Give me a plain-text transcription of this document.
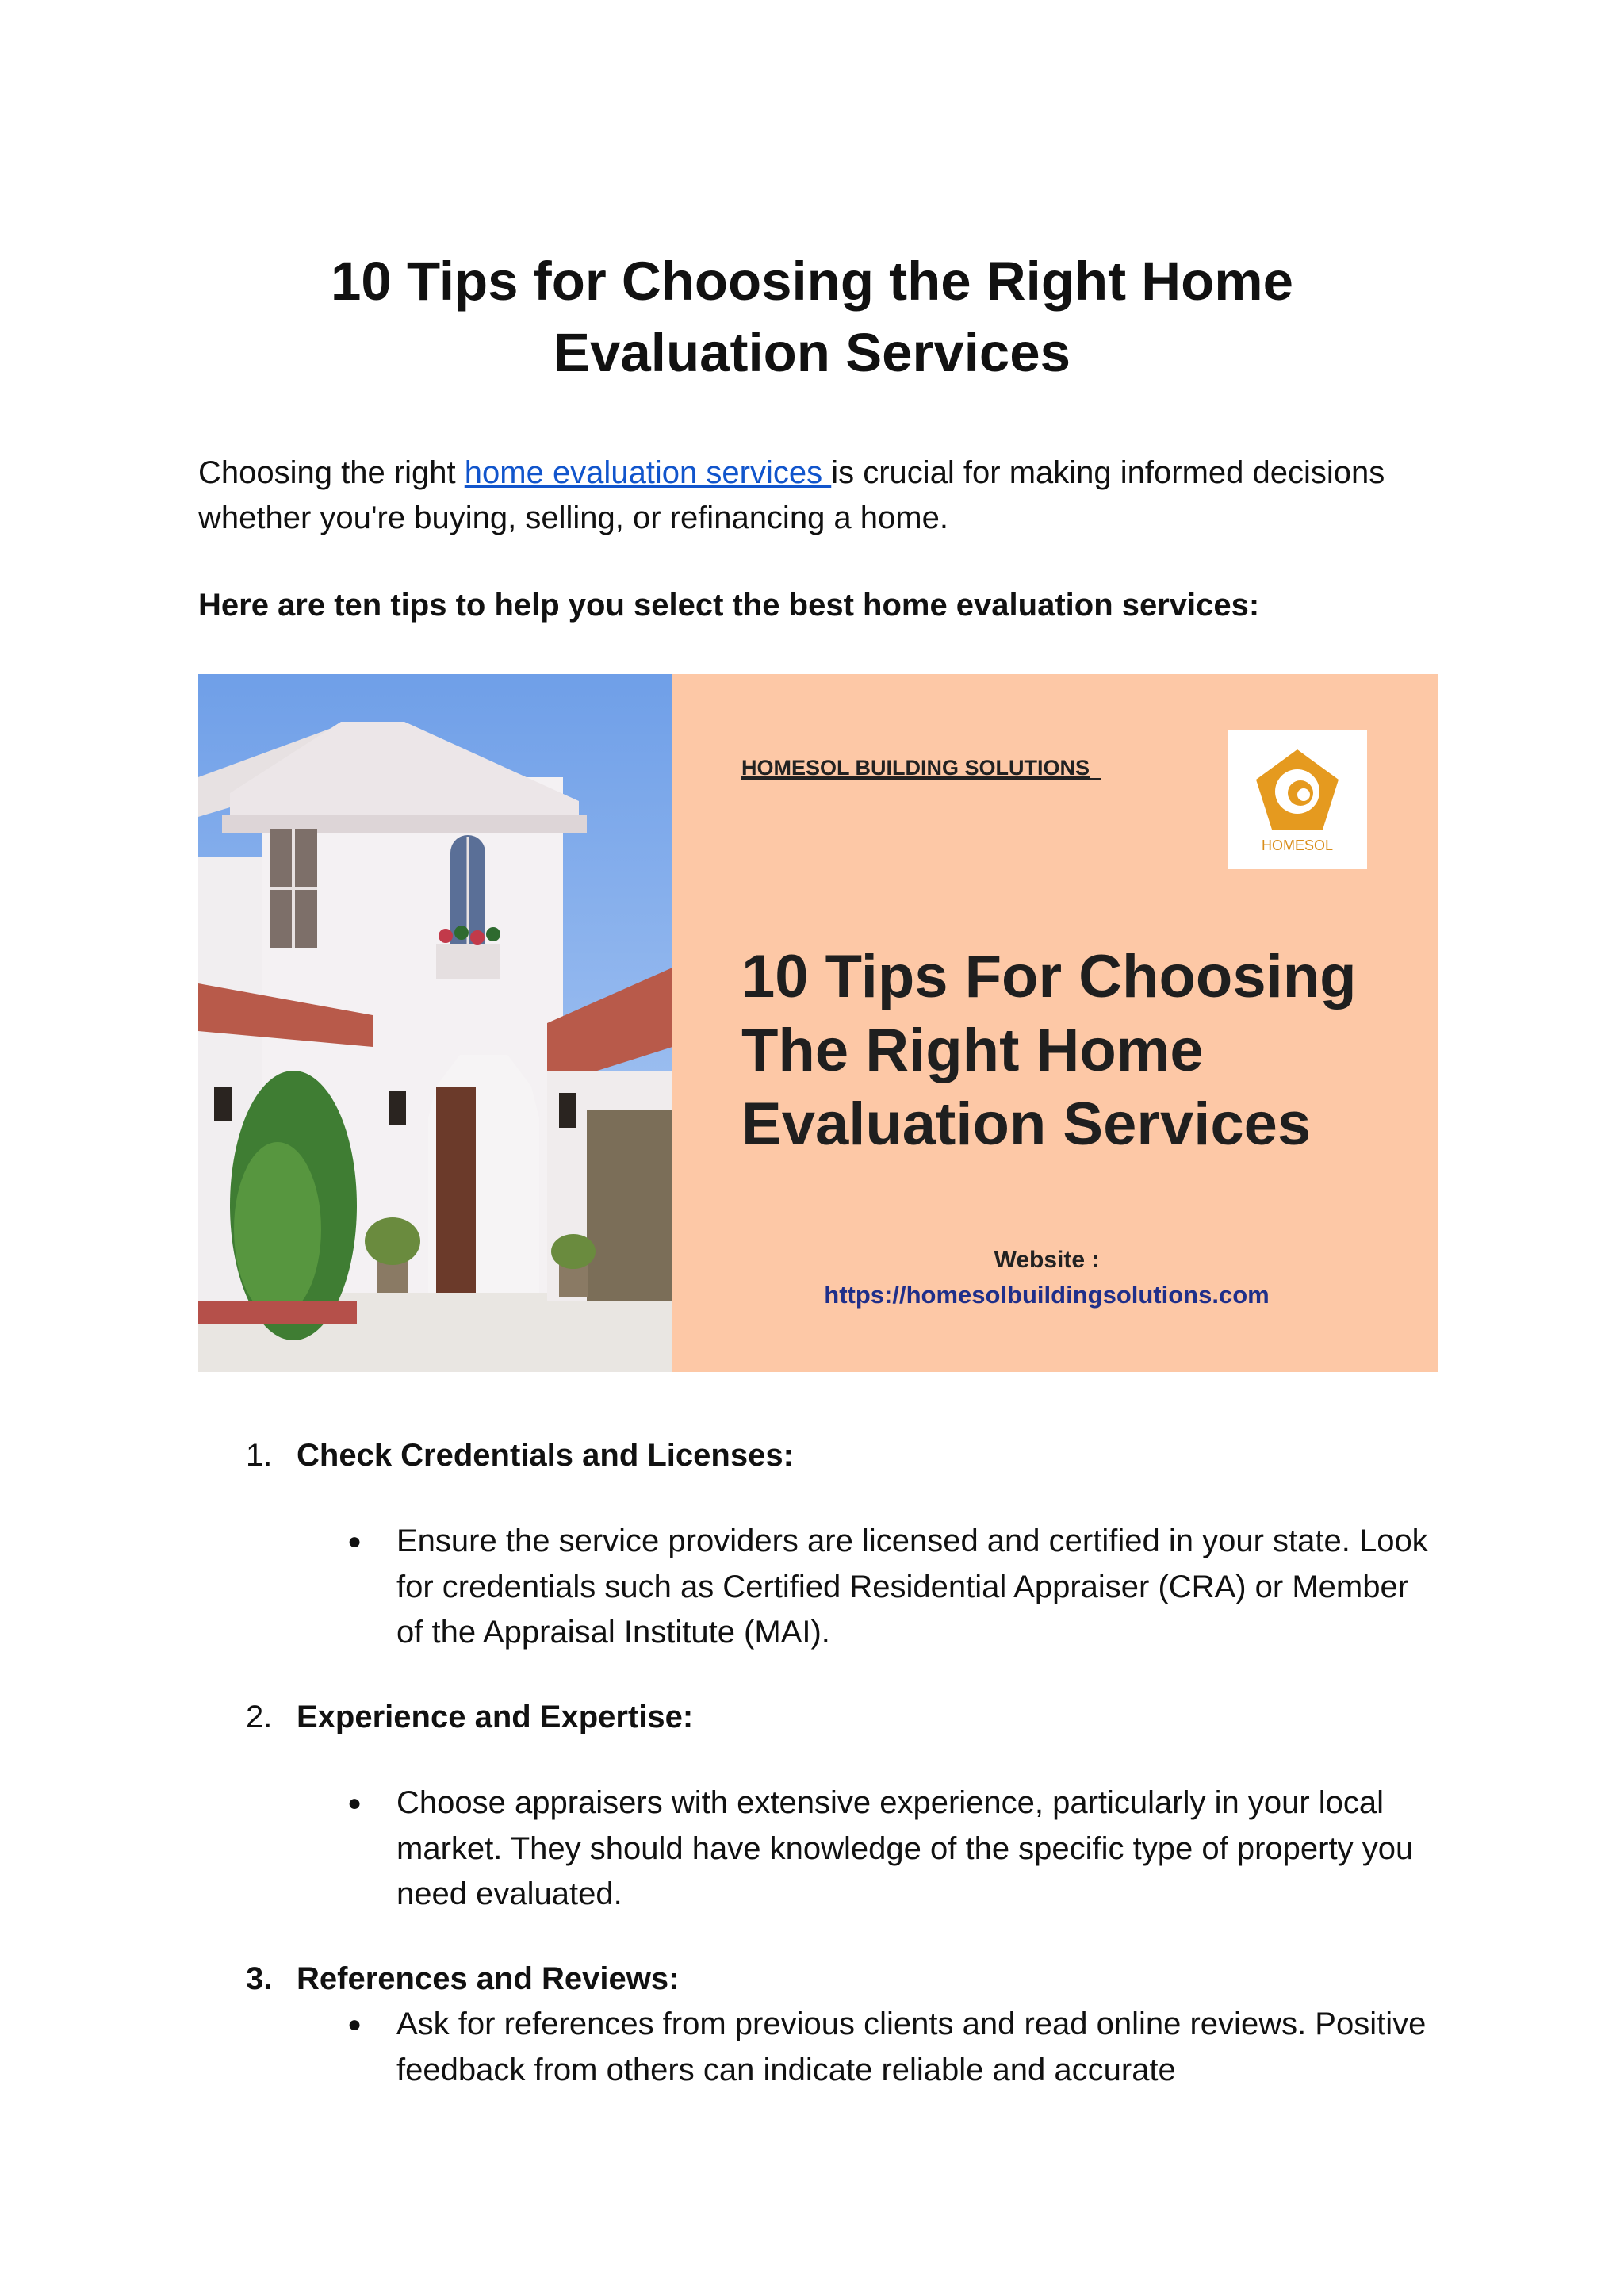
10 Tips for Choosing the Right Home
Evaluation Services

Choosing the right home evaluation services is crucial for making informed decisions whether you're buying, selling, or refinancing a home.

Here are ten tips to help you select the best home evaluation services:

HOMESOL BUILDING SOLUTIONS
HOMESOL
10 Tips For Choosing
The Right Home
Evaluation Services
Website :
https://homesolbuildingsolutions.com

1. Check Credentials and Licenses:

● Ensure the service providers are licensed and certified in your state. Look for credentials such as Certified Residential Appraiser (CRA) or Member of the Appraisal Institute (MAI).

2. Experience and Expertise:

● Choose appraisers with extensive experience, particularly in your local market. They should have knowledge of the specific type of property you need evaluated.

3. References and Reviews:

● Ask for references from previous clients and read online reviews. Positive feedback from others can indicate reliable and accurate
